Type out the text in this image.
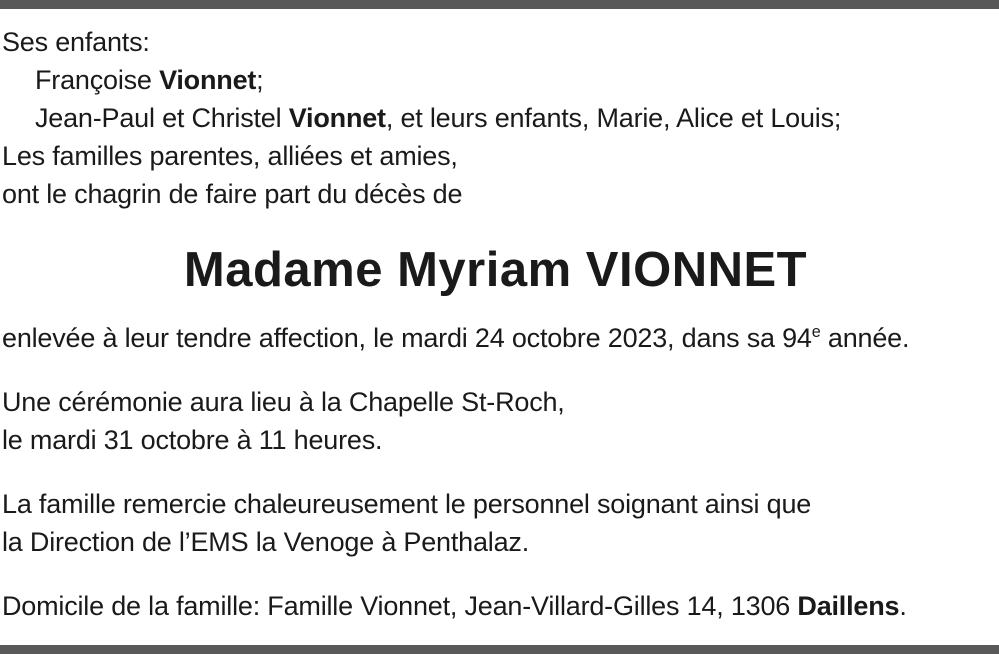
Ses enfants:
Françoise Vionnet;
Jean-Paul et Christel Vionnet, et leurs enfants, Marie, Alice et Louis;
Les familles parentes, alliées et amies,
ont le chagrin de faire part du décès de
Madame Myriam VIONNET
enlevée à leur tendre affection, le mardi 24 octobre 2023, dans sa 94e année.
Une cérémonie aura lieu à la Chapelle St-Roch,
le mardi 31 octobre à 11 heures.
La famille remercie chaleureusement le personnel soignant ainsi que
la Direction de l’EMS la Venoge à Penthalaz.
Domicile de la famille: Famille Vionnet, Jean-Villard-Gilles 14, 1306 Daillens.
